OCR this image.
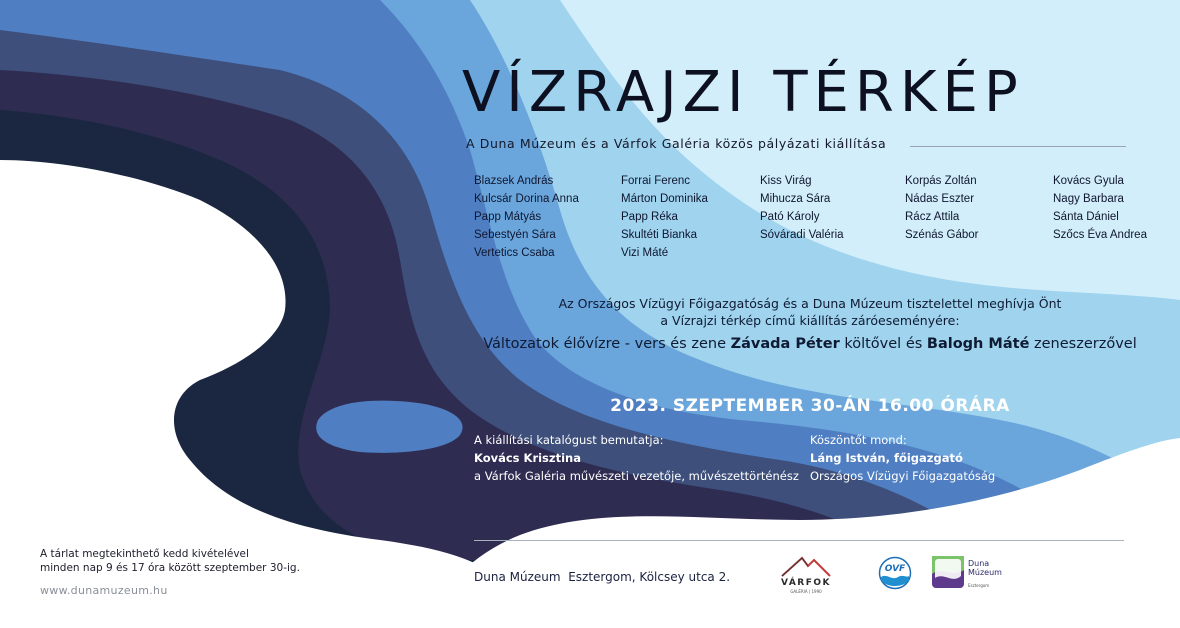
VÍZRAJZI TÉRKÉP
A Duna Múzeum és a Várfok Galéria közös pályázati kiállítása
Blazsek András
Kulcsár Dorina Anna
Papp Mátyás
Sebestyén Sára
Vertetics Csaba
Forrai Ferenc
Márton Dominika
Papp Réka
Skultéti Bianka
Vizi Máté
Kiss Virág
Mihucza Sára
Pató Károly
Sóváradi Valéria
Korpás Zoltán
Nádas Eszter
Rácz Attila
Szénás Gábor
Kovács Gyula
Nagy Barbara
Sánta Dániel
Szőcs Éva Andrea
Az Országos Vízügyi Főigazgatóság és a Duna Múzeum tisztelettel meghívja Önt
a Vízrajzi térkép című kiállítás záróeseményére:
Változatok élővízre - vers és zene Závada Péter költővel és Balogh Máté zeneszerzővel
2023. SZEPTEMBER 30-ÁN 16.00 ÓRÁRA
A kiállítási katalógust bemutatja:
Kovács Krisztina
a Várfok Galéria művészeti vezetője, művészettörténész
Köszöntőt mond:
Láng István, főigazgató
Országos Vízügyi Főigazgatóság
A tárlat megtekinthető kedd kivételével
minden nap 9 és 17 óra között szeptember 30-ig.
www.dunamuzeum.hu
Duna Múzeum Esztergom, Kölcsey utca 2.	VÁRFOK
GALÉRIA | 1990
OVF
Duna
Múzeum
Esztergom
